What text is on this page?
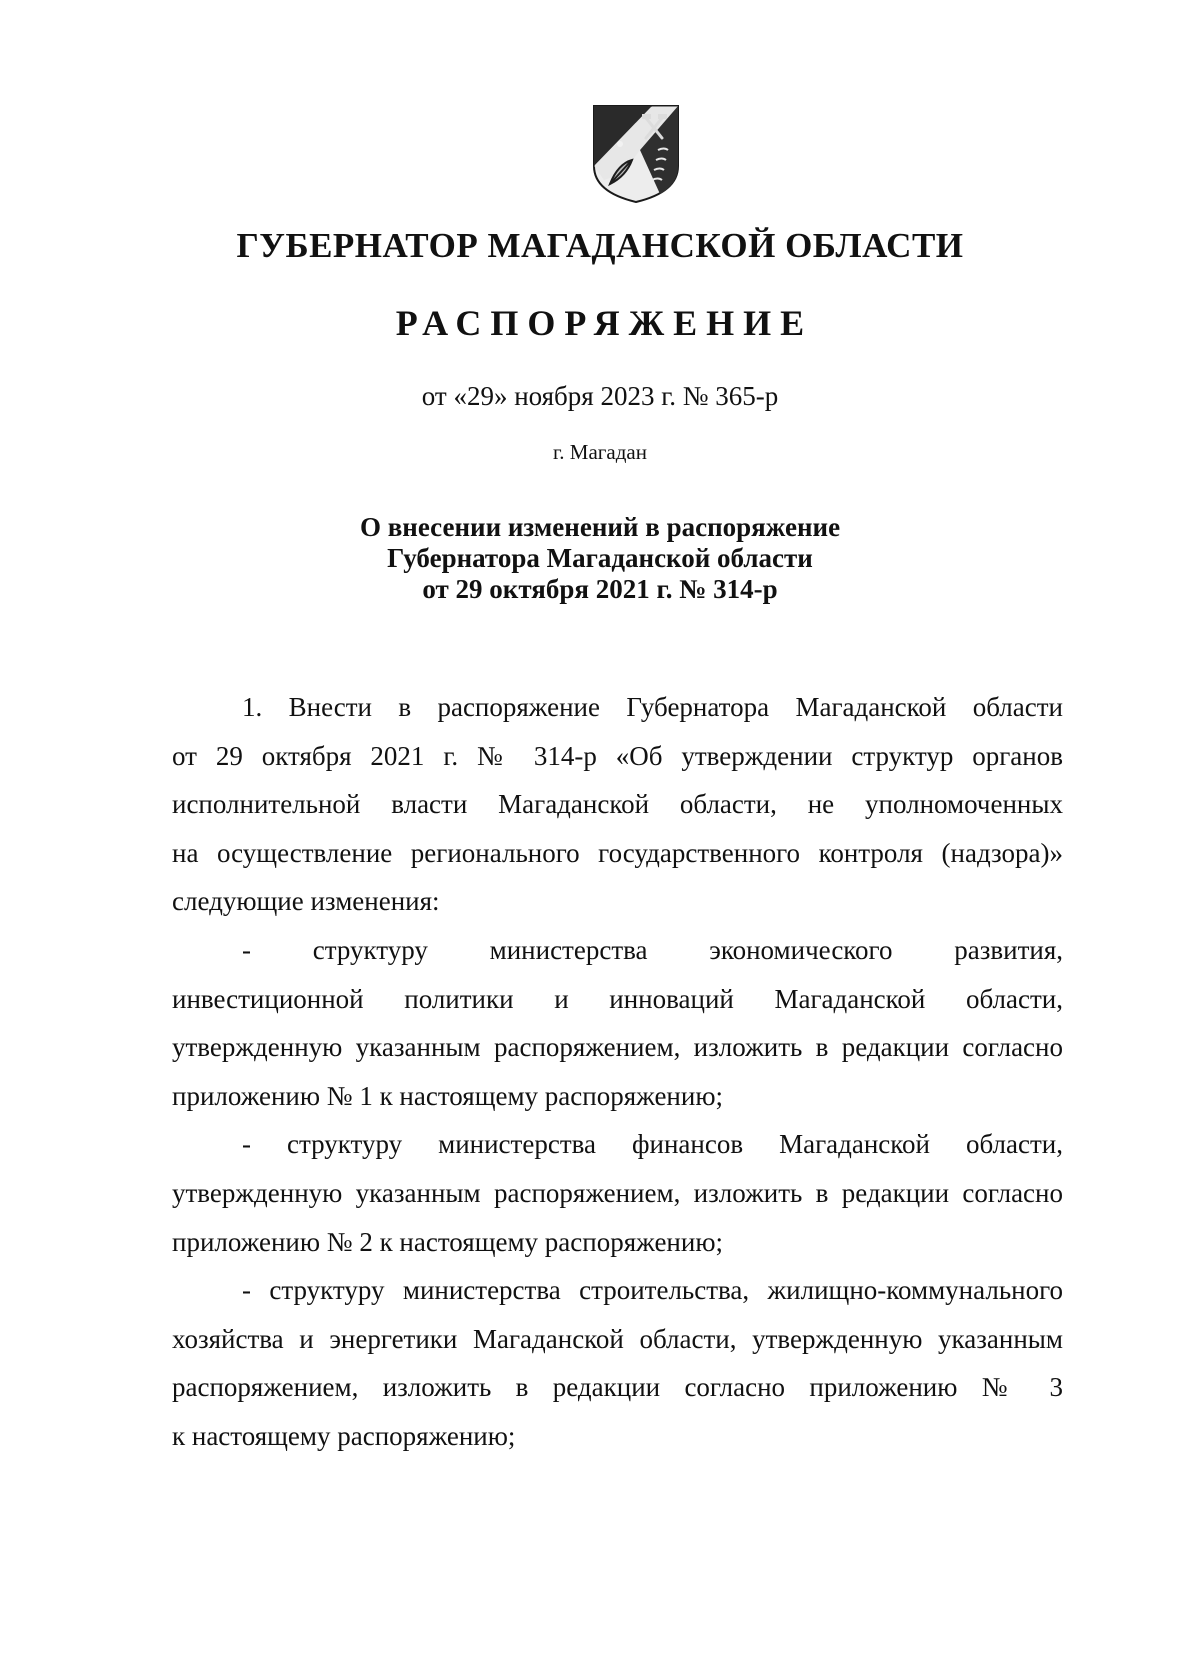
ГУБЕРНАТОР МАГАДАНСКОЙ ОБЛАСТИ
РАСПОРЯЖЕНИЕ
от «29» ноября 2023 г. № 365-р
г. Магадан
О внесении изменений в распоряжение
Губернатора Магаданской области
от 29 октября 2021 г. № 314-р
1. Внести в распоряжение Губернатора Магаданской области
от 29 октября 2021 г. № 314-р «Об утверждении структур органов
исполнительной власти Магаданской области, не уполномоченных
на осуществление регионального государственного контроля (надзора)»
следующие изменения:
- структуру министерства экономического развития,
инвестиционной политики и инноваций Магаданской области,
утвержденную указанным распоряжением, изложить в редакции согласно
приложению № 1 к настоящему распоряжению;
- структуру министерства финансов Магаданской области,
утвержденную указанным распоряжением, изложить в редакции согласно
приложению № 2 к настоящему распоряжению;
- структуру министерства строительства, жилищно-коммунального
хозяйства и энергетики Магаданской области, утвержденную указанным
распоряжением, изложить в редакции согласно приложению № 3
к настоящему распоряжению;
